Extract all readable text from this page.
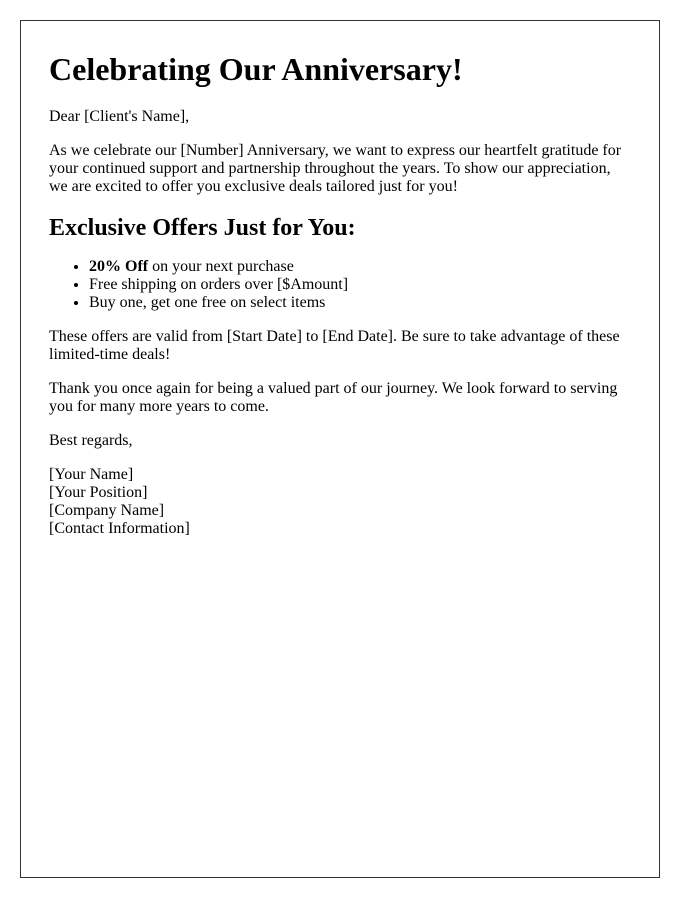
Celebrating Our Anniversary!

Dear [Client's Name],

As we celebrate our [Number] Anniversary, we want to express our heartfelt gratitude for your continued support and partnership throughout the years. To show our appreciation, we are excited to offer you exclusive deals tailored just for you!

Exclusive Offers Just for You:
• 20% Off on your next purchase
• Free shipping on orders over [$Amount]
• Buy one, get one free on select items

These offers are valid from [Start Date] to [End Date]. Be sure to take advantage of these limited-time deals!

Thank you once again for being a valued part of our journey. We look forward to serving you for many more years to come.

Best regards,

[Your Name]
[Your Position]
[Company Name]
[Contact Information]
